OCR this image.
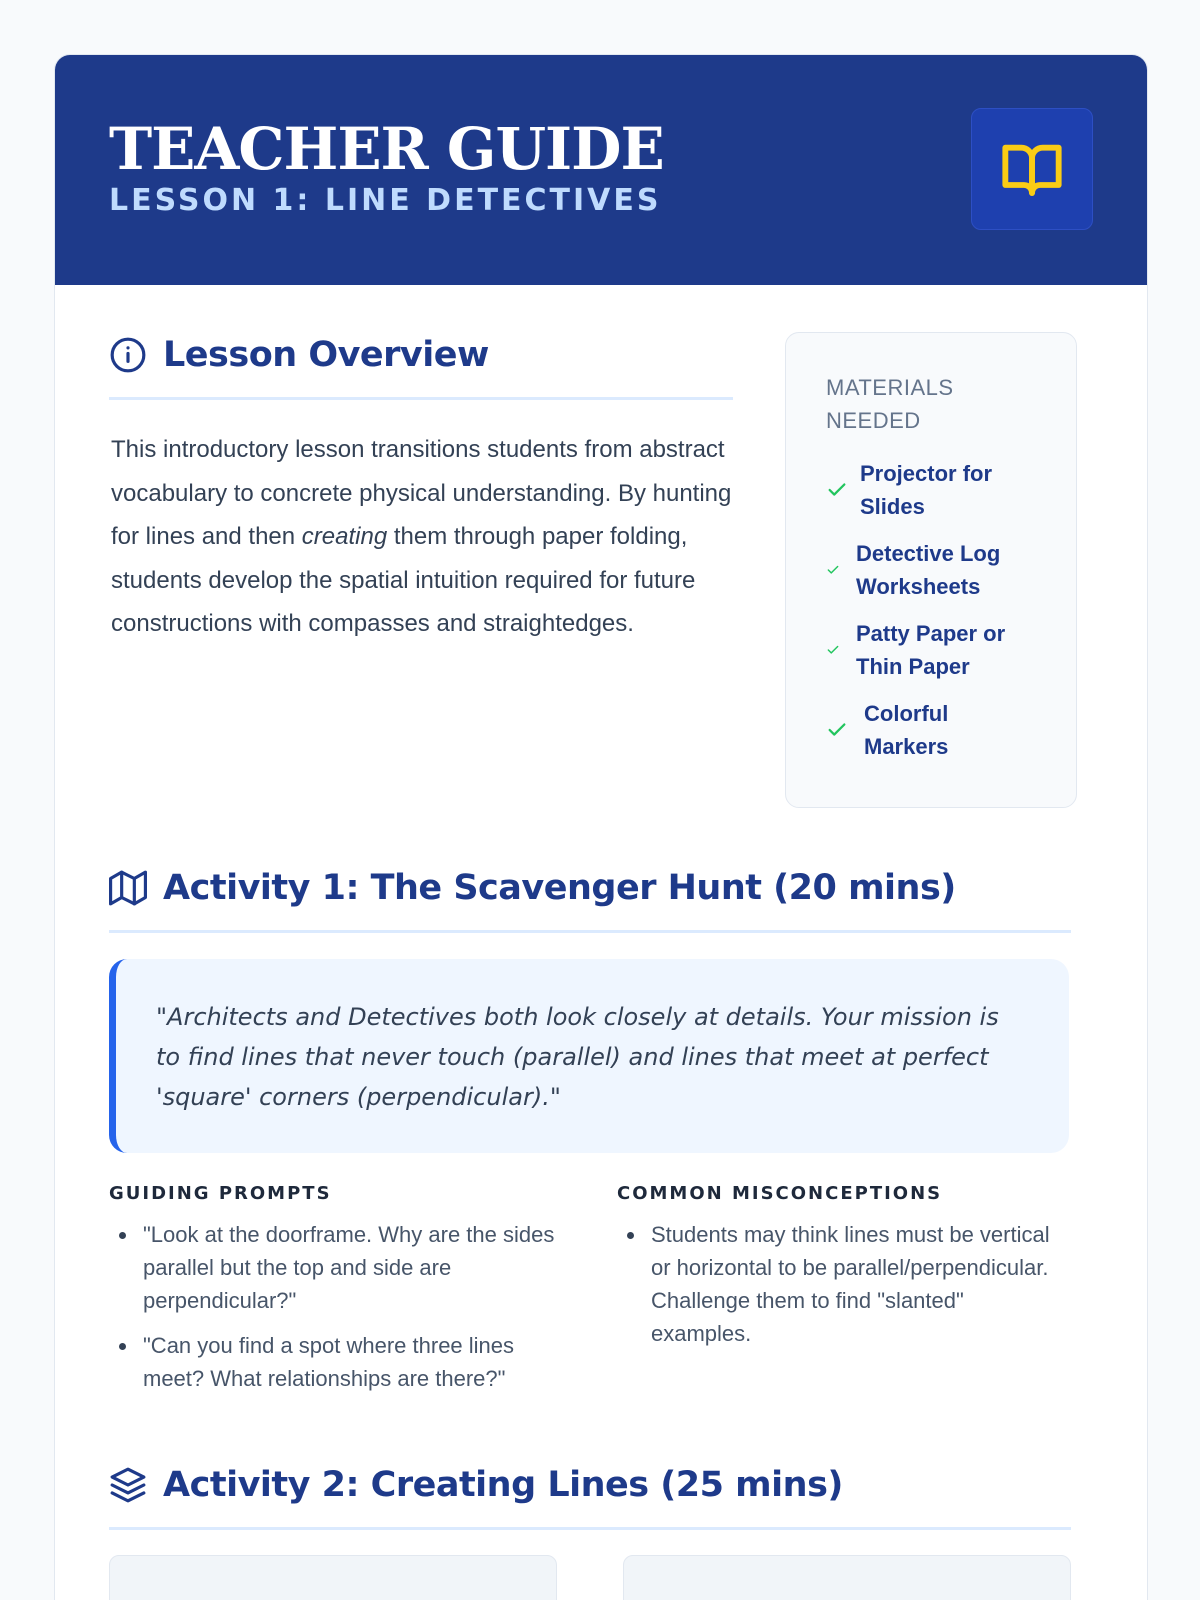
TEACHER GUIDE
LESSON 1: LINE DETECTIVES
Lesson Overview

This introductory lesson transitions students from abstract vocabulary to concrete physical understanding. By hunting for lines and then creating them through paper folding, students develop the spatial intuition required for future constructions with compasses and straightedges.

MATERIALS NEEDED
Projector for Slides
Detective Log Worksheets
Patty Paper or Thin Paper
Colorful Markers
Activity 1: The Scavenger Hunt (20 mins)
"Architects and Detectives both look closely at details. Your mission is to find lines that never touch (parallel) and lines that meet at perfect 'square' corners (perpendicular)."
GUIDING PROMPTS
"Look at the doorframe. Why are the sides parallel but the top and side are perpendicular?"
"Can you find a spot where three lines meet? What relationships are there?"
COMMON MISCONCEPTIONS
Students may think lines must be vertical or horizontal to be parallel/perpendicular. Challenge them to find "slanted" examples.
Activity 2: Creating Lines (25 mins)
